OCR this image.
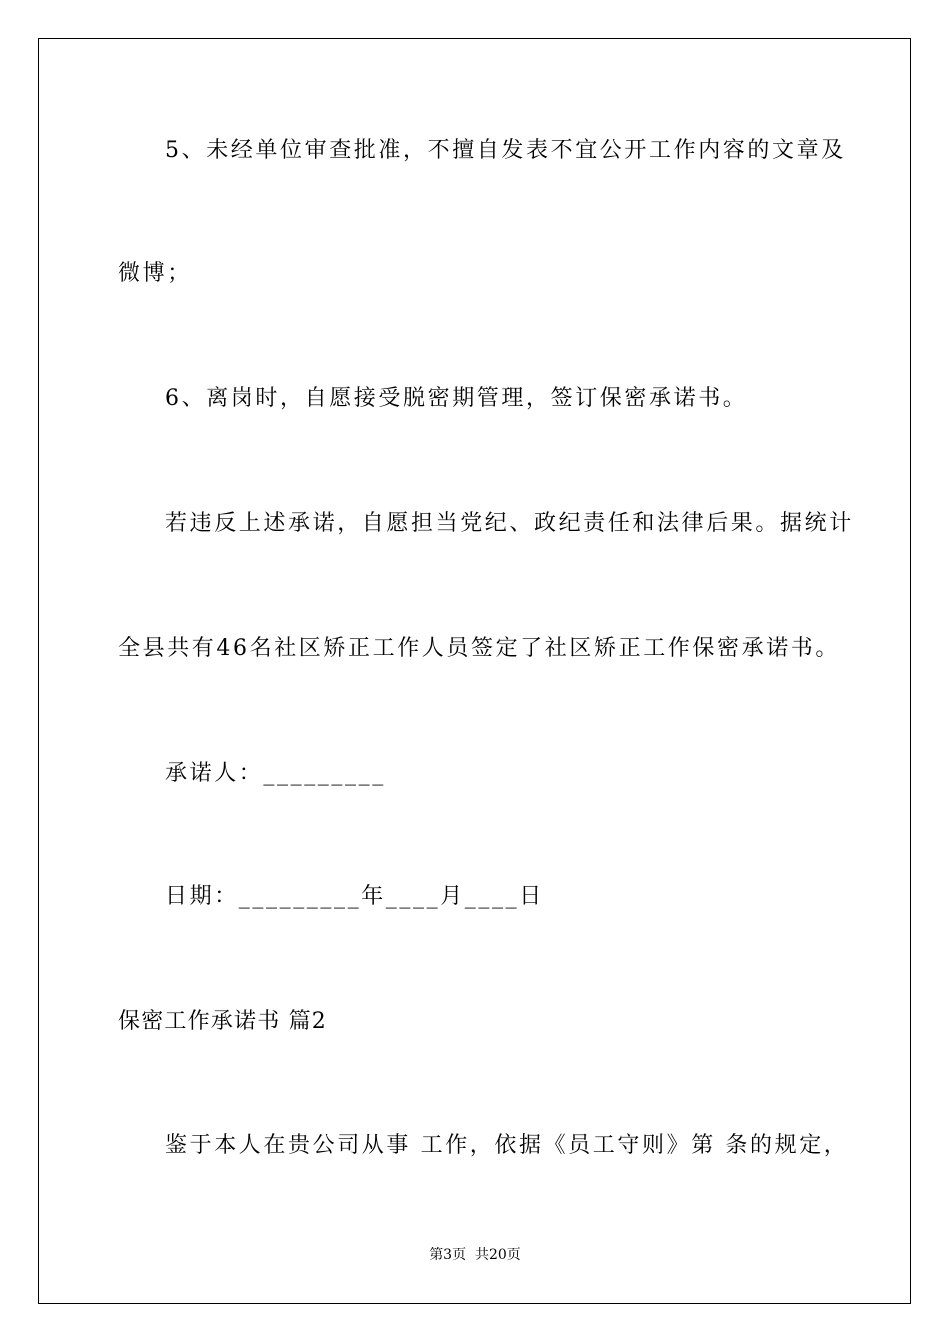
5、未经单位审查批准，不擅自发表不宜公开工作内容的文章及
微博；
6、离岗时，自愿接受脱密期管理，签订保密承诺书。
若违反上述承诺，自愿担当党纪、政纪责任和法律后果。据统计
全县共有46名社区矫正工作人员签定了社区矫正工作保密承诺书。
承诺人：_________
日期：_________年____月____日
保密工作承诺书 篇2
鉴于本人在贵公司从事 工作，依据《员工守则》第 条的规定，
第3页  共20页
